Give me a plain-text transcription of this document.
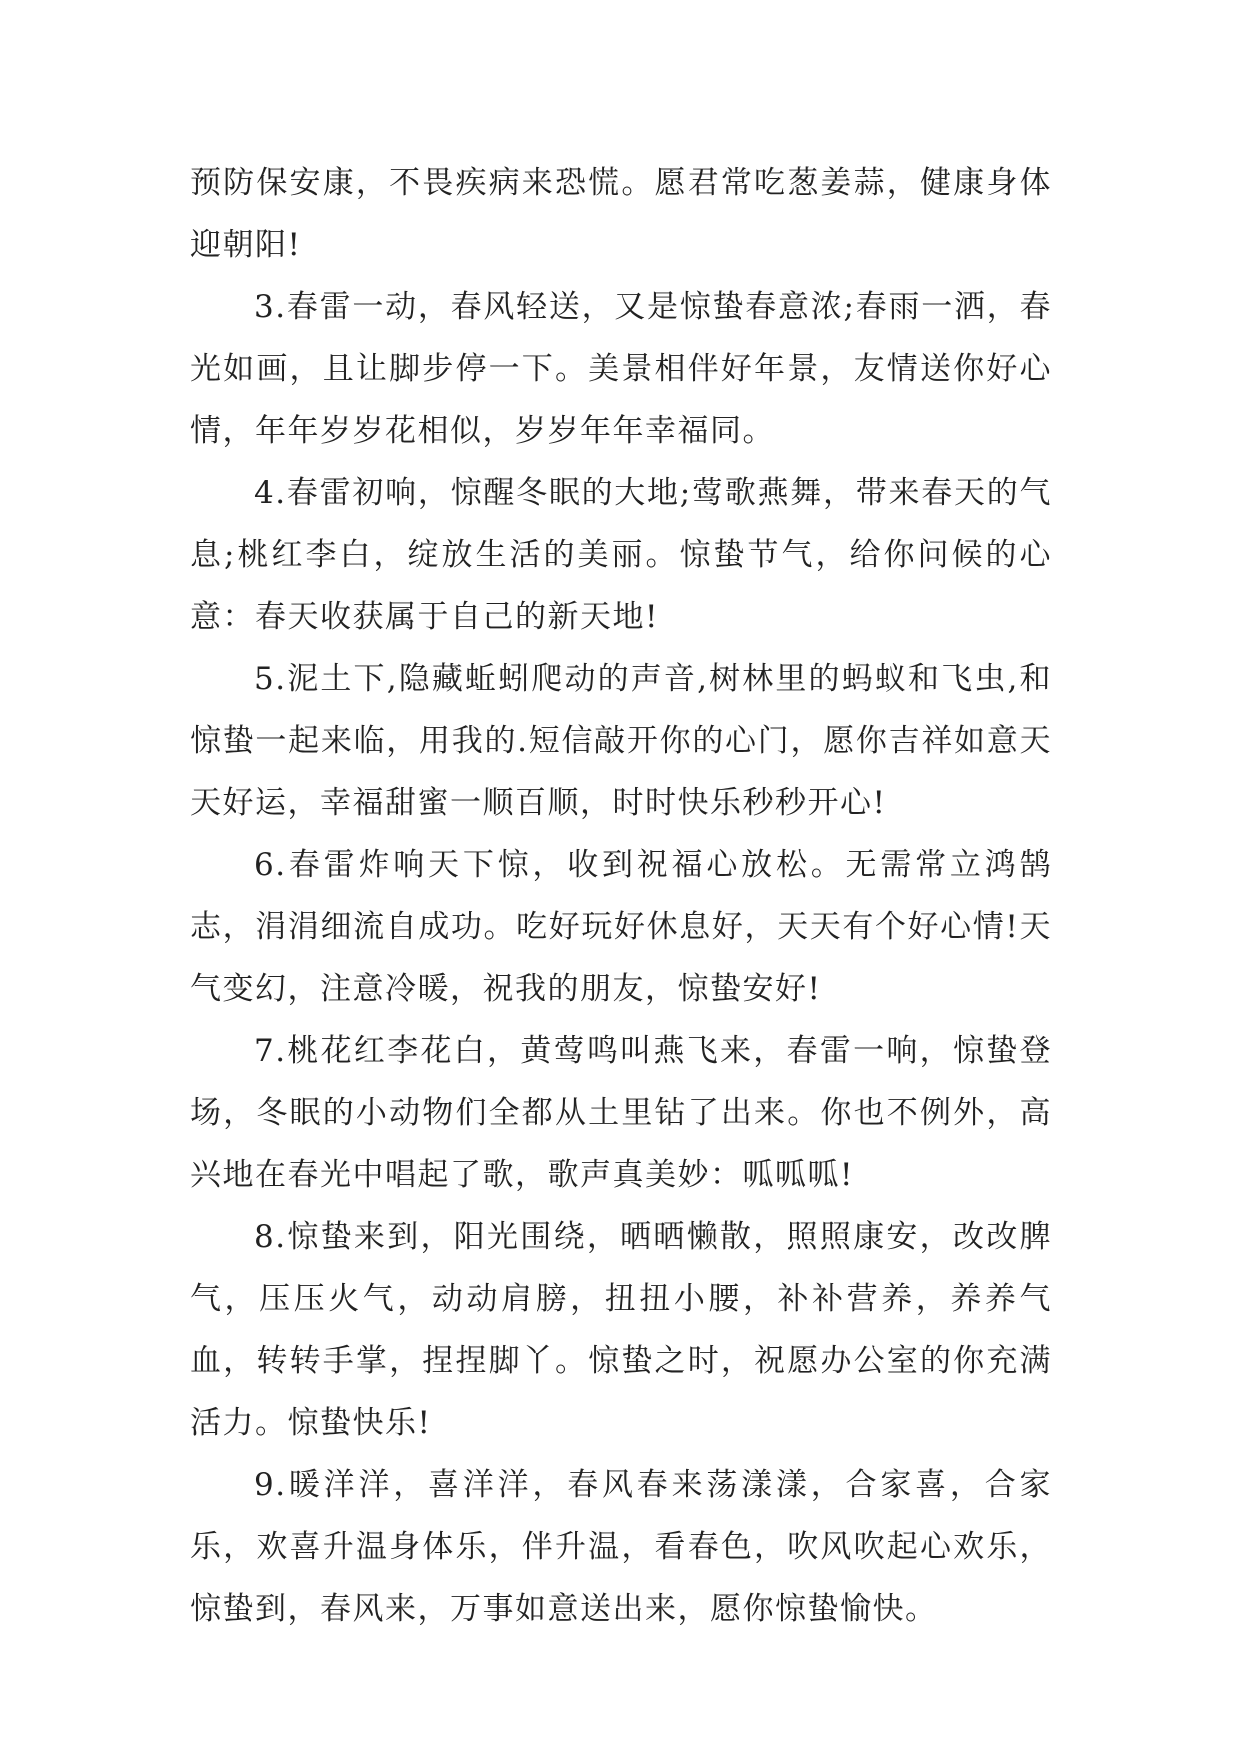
预防保安康，不畏疾病来恐慌。愿君常吃葱姜蒜，健康身体迎朝阳!

3.春雷一动，春风轻送，又是惊蛰春意浓;春雨一洒，春光如画，且让脚步停一下。美景相伴好年景，友情送你好心情，年年岁岁花相似，岁岁年年幸福同。

4.春雷初响，惊醒冬眠的大地;莺歌燕舞，带来春天的气息;桃红李白，绽放生活的美丽。惊蛰节气，给你问候的心意：春天收获属于自己的新天地!

5.泥土下,隐藏蚯蚓爬动的声音,树林里的蚂蚁和飞虫,和惊蛰一起来临，用我的.短信敲开你的心门，愿你吉祥如意天天好运，幸福甜蜜一顺百顺，时时快乐秒秒开心!

6.春雷炸响天下惊，收到祝福心放松。无需常立鸿鹄志，涓涓细流自成功。吃好玩好休息好，天天有个好心情!天气变幻，注意冷暖，祝我的朋友，惊蛰安好!

7.桃花红李花白，黄莺鸣叫燕飞来，春雷一响，惊蛰登场，冬眠的小动物们全都从土里钻了出来。你也不例外，高兴地在春光中唱起了歌，歌声真美妙：呱呱呱!

8.惊蛰来到，阳光围绕，晒晒懒散，照照康安，改改脾气，压压火气，动动肩膀，扭扭小腰，补补营养，养养气血，转转手掌，捏捏脚丫。惊蛰之时，祝愿办公室的你充满活力。惊蛰快乐!

9.暖洋洋，喜洋洋，春风春来荡漾漾，合家喜，合家乐，欢喜升温身体乐，伴升温，看春色，吹风吹起心欢乐，惊蛰到，春风来，万事如意送出来，愿你惊蛰愉快。
